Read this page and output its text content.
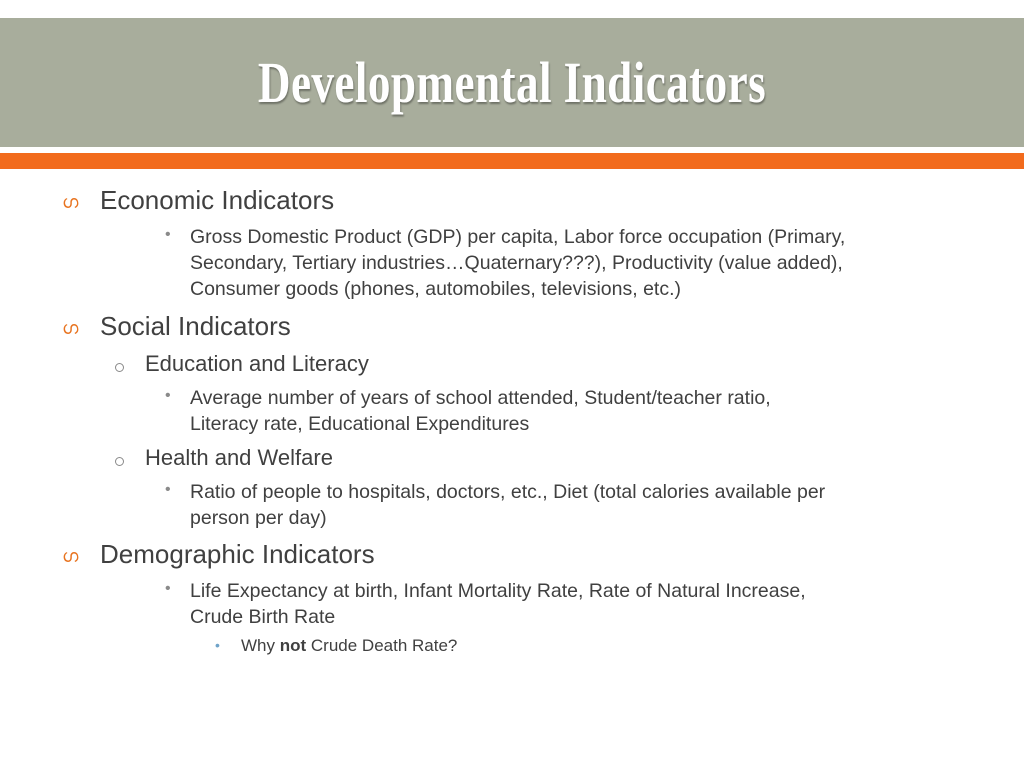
Developmental Indicators
ഗ Economic Indicators
• Gross Domestic Product (GDP) per capita, Labor force occupation (Primary,
Secondary, Tertiary industries…Quaternary???), Productivity (value added),
Consumer goods (phones, automobiles, televisions, etc.)
ഗ Social Indicators
Education and Literacy
• Average number of years of school attended, Student/teacher ratio,
Literacy rate, Educational Expenditures
Health and Welfare
• Ratio of people to hospitals, doctors, etc., Diet (total calories available per
person per day)
ഗ Demographic Indicators
• Life Expectancy at birth, Infant Mortality Rate, Rate of Natural Increase,
Crude Birth Rate
• Why not Crude Death Rate?
